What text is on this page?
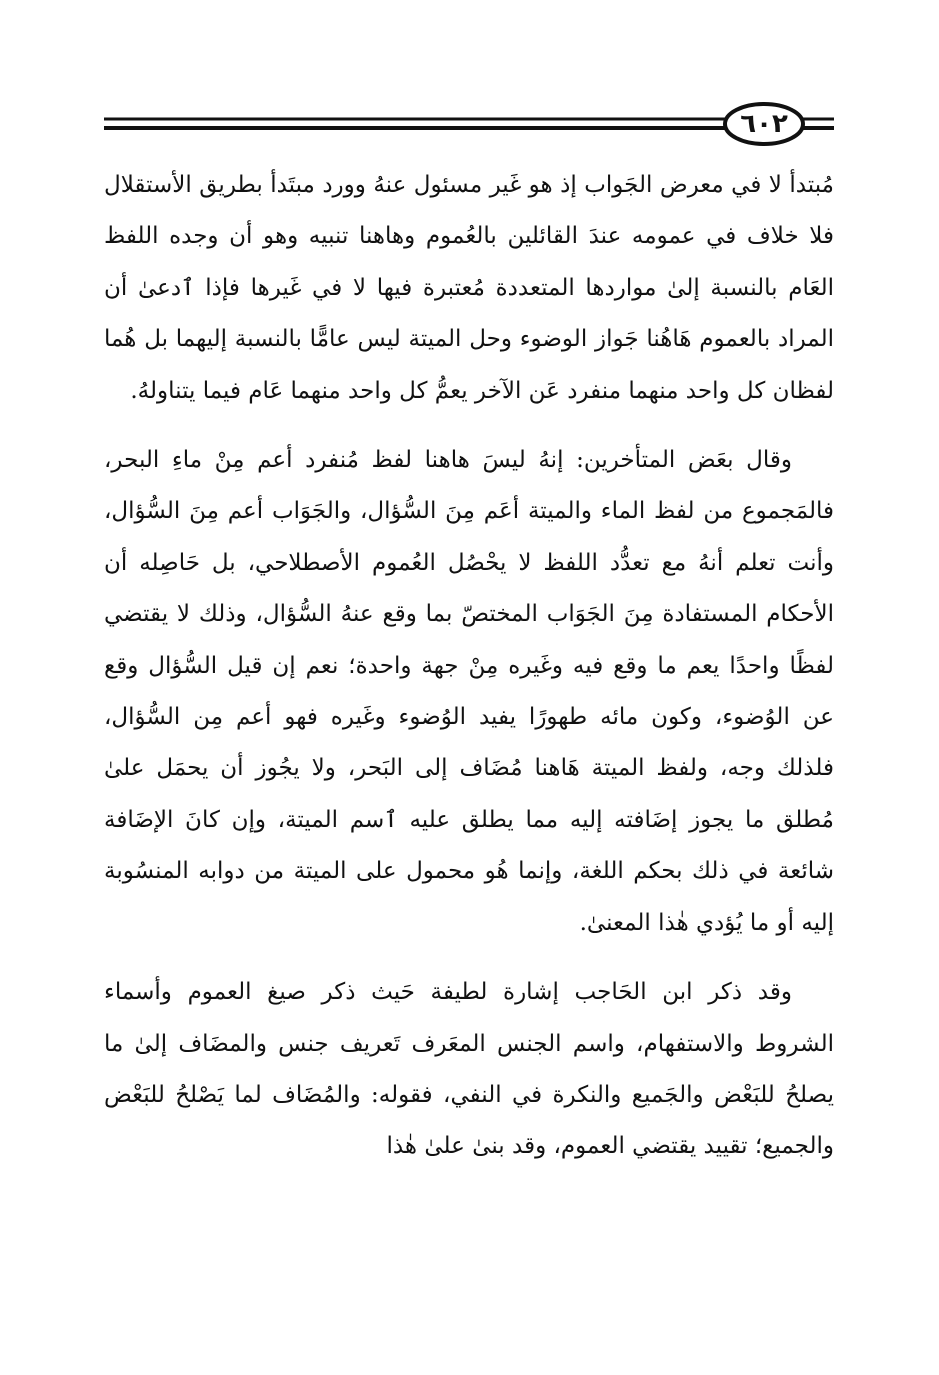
٦٠٢

مُبتدأ لا في معرض الجَواب إذ هو غَير مسئول عنهُ وورد مبتَدأ بطريق الأستقلال فلا خلاف في عمومه عندَ القائلين بالعُموم وهاهنا تنبيه وهو أن وجده اللفظ العَام بالنسبة إلىٰ مواردها المتعددة مُعتبرة فيها لا في غَيرها فإذا ٱدعىٰ أن المراد بالعموم هَاهُنا جَواز الوضوء وحل الميتة ليس عامًّا بالنسبة إليهما بل هُما لفظان كل واحد منهما منفرد عَن الآخر يعمُّ كل واحد منهما عَام فيما يتناولهُ.

وقال بعَض المتأخرين: إنهُ ليسَ هاهنا لفظ مُنفرد أعم مِنْ ماءِ البحر، فالمَجموع من لفظ الماء والميتة أعَم مِنَ السُّؤال، والجَوَاب أعم مِنَ السُّؤال، وأنت تعلم أنهُ مع تعدُّد اللفظ لا يحْصُل العُموم الأصطلاحي، بل حَاصِله أن الأحكام المستفادة مِنَ الجَوَاب المختصّ بما وقع عنهُ السُّؤال، وذلك لا يقتضي لفظًا واحدًا يعم ما وقع فيه وغَيره مِنْ جهة واحدة؛ نعم إن قيل السُّؤال وقع عن الوُضوء، وكون مائه طهورًا يفيد الوُضوء وغَيره فهو أعم مِن السُّؤال، فلذلك وجه، ولفظ الميتة هَاهنا مُضَاف إلى البَحر، ولا يجُوز أن يحمَل علىٰ مُطلق ما يجوز إضَافته إليه مما يطلق عليه ٱسم الميتة، وإن كانَ الإضَافة شائعة في ذلك بحكم اللغة، وإنما هُو محمول على الميتة من دوابه المنسُوبة إليه أو ما يُؤدي هٰذا المعنىٰ.

وقد ذكر ابن الحَاجب إشارة لطيفة حَيث ذكر صيغ العموم وأسماء الشروط والاستفهام، واسم الجنس المعَرف تَعريف جنس والمضَاف إلىٰ ما يصلحُ للبَعْض والجَميع والنكرة في النفي، فقوله: والمُضَاف لما يَصْلحُ للبَعْض والجميع؛ تقييد يقتضي العموم، وقد بنىٰ علىٰ هٰذا
